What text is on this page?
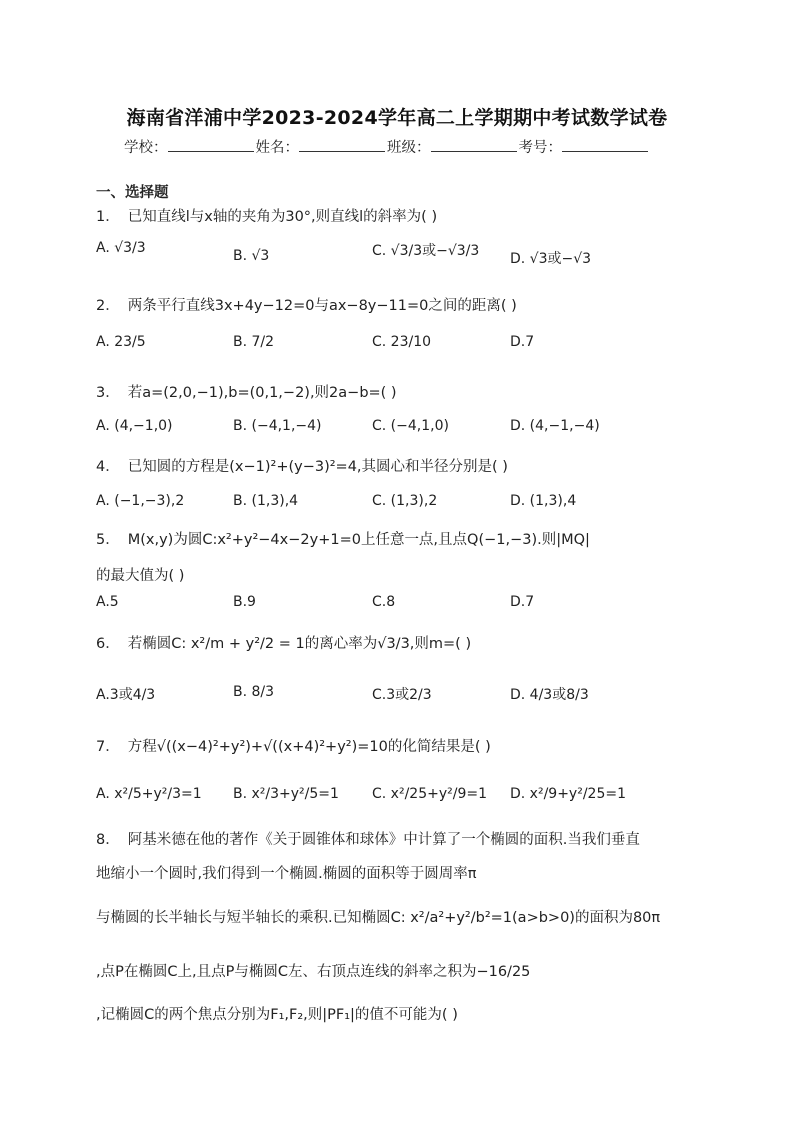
海南省洋浦中学2023-2024学年高二上学期期中考试数学试卷
学校：	姓名：	班级：	考号：
一、选择题
1． 已知直线l与x轴的夹角为30°,则直线l的斜率为( )
A. √3/3	B. √3	C. √3/3或−√3/3 D. √3或−√3
2． 两条平行直线3x+4y−12=0与ax−8y−11=0之间的距离( )
A. 23/5	B. 7/2	C. 23/10	D.7
3． 若a=(2,0,−1),b=(0,1,−2),则2a−b=( )
A. (4,−1,0)	B. (−4,1,−4)	C. (−4,1,0)	D. (4,−1,−4)
4． 已知圆的方程是(x−1)²+(y−3)²=4,其圆心和半径分别是( )
A. (−1,−3),2	B. (1,3),4	C. (1,3),2	D. (1,3),4
5． M(x,y)为圆C:x²+y²−4x−2y+1=0上任意一点,且点Q(−1,−3).则|MQ|
的最大值为( )
A.5	B.9	C.8	D.7
6． 若椭圆C: x²/m + y²/2 = 1的离心率为√3/3,则m=( )
A.3或4/3	B. 8/3	C.3或2/3	D. 4/3或8/3
7． 方程√((x−4)²+y²)+√((x+4)²+y²)=10的化简结果是( )
A. x²/5+y²/3=1 B. x²/3+y²/5=1 C. x²/25+y²/9=1 D. x²/9+y²/25=1
8． 阿基米德在他的著作《关于圆锥体和球体》中计算了一个椭圆的面积.当我们垂直
地缩小一个圆时,我们得到一个椭圆.椭圆的面积等于圆周率π
与椭圆的长半轴长与短半轴长的乘积.已知椭圆C: x²/a²+y²/b²=1(a>b>0)的面积为80π
,点P在椭圆C上,且点P与椭圆C左、右顶点连线的斜率之积为−16/25
,记椭圆C的两个焦点分别为F₁,F₂,则|PF₁|的值不可能为( )
